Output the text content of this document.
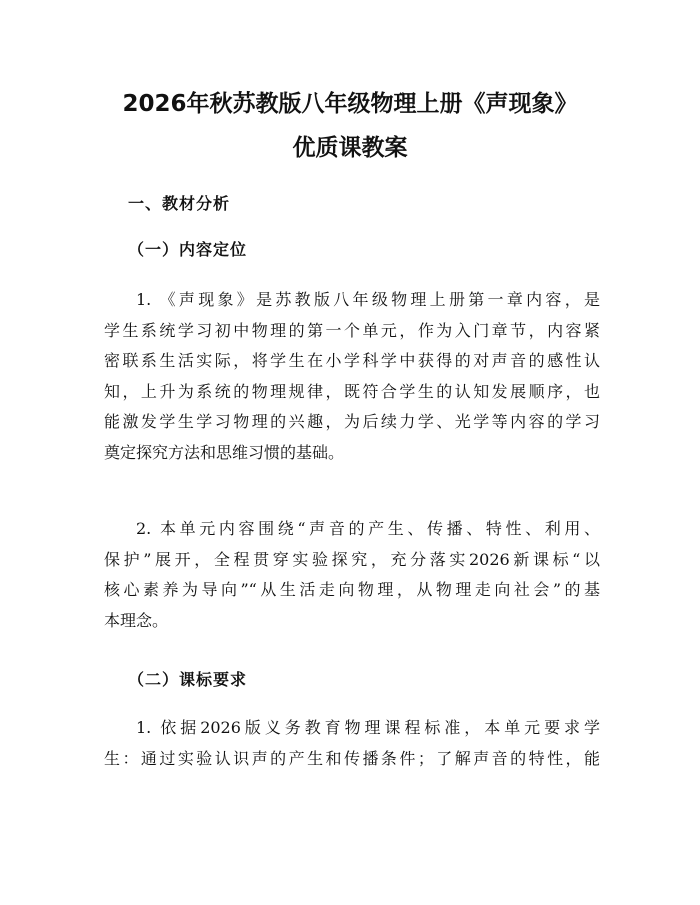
2026年秋苏教版八年级物理上册《声现象》
优质课教案
一、教材分析
（一）内容定位

1. 《声现象》是苏教版八年级物理上册第一章内容，是
学生系统学习初中物理的第一个单元，作为入门章节，内容紧
密联系生活实际，将学生在小学科学中获得的对声音的感性认
知，上升为系统的物理规律，既符合学生的认知发展顺序，也
能激发学生学习物理的兴趣，为后续力学、光学等内容的学习
奠定探究方法和思维习惯的基础。

2. 本单元内容围绕“声音的产生、传播、特性、利用、
保护”展开，全程贯穿实验探究，充分落实2026新课标“以
核心素养为导向”“从生活走向物理，从物理走向社会”的基
本理念。

（二）课标要求

1. 依据2026版义务教育物理课程标准，本单元要求学
生：通过实验认识声的产生和传播条件；了解声音的特性，能
